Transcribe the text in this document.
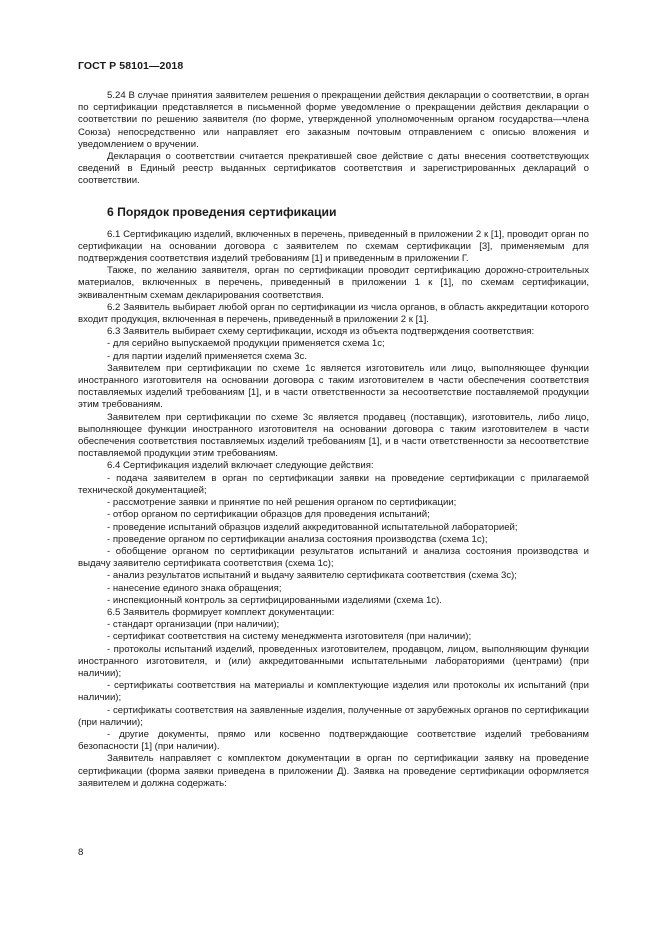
ГОСТ Р 58101—2018

5.24 В случае принятия заявителем решения о прекращении действия декларации о соответствии, в орган по сертификации представляется в письменной форме уведомление о прекращении действия декларации о соответствии по решению заявителя (по форме, утвержденной уполномоченным органом государства—члена Союза) непосредственно или направляет его заказным почтовым отправлением с описью вложения и уведомлением о вручении.

Декларация о соответствии считается прекратившей свое действие с даты внесения соответствующих сведений в Единый реестр выданных сертификатов соответствия и зарегистрированных деклараций о соответствии.

6 Порядок проведения сертификации

6.1 Сертификацию изделий, включенных в перечень, приведенный в приложении 2 к [1], проводит орган по сертификации на основании договора с заявителем по схемам сертификации [3], применяемым для подтверждения соответствия изделий требованиям [1] и приведенным в приложении Г.

Также, по желанию заявителя, орган по сертификации проводит сертификацию дорожно-строительных материалов, включенных в перечень, приведенный в приложении 1 к [1], по схемам сертификации, эквивалентным схемам декларирования соответствия.

6.2 Заявитель выбирает любой орган по сертификации из числа органов, в область аккредитации которого входит продукция, включенная в перечень, приведенный в приложении 2 к [1].

6.3 Заявитель выбирает схему сертификации, исходя из объекта подтверждения соответствия:

- для серийно выпускаемой продукции применяется схема 1с;

- для партии изделий применяется схема 3с.

Заявителем при сертификации по схеме 1с является изготовитель или лицо, выполняющее функции иностранного изготовителя на основании договора с таким изготовителем в части обеспечения соответствия поставляемых изделий требованиям [1], и в части ответственности за несоответствие поставляемой продукции этим требованиям.

Заявителем при сертификации по схеме 3с является продавец (поставщик), изготовитель, либо лицо, выполняющее функции иностранного изготовителя на основании договора с таким изготовителем в части обеспечения соответствия поставляемых изделий требованиям [1], и в части ответственности за несоответствие поставляемой продукции этим требованиям.

6.4 Сертификация изделий включает следующие действия:

- подача заявителем в орган по сертификации заявки на проведение сертификации с прилагаемой технической документацией;

- рассмотрение заявки и принятие по ней решения органом по сертификации;

- отбор органом по сертификации образцов для проведения испытаний;

- проведение испытаний образцов изделий аккредитованной испытательной лабораторией;

- проведение органом по сертификации анализа состояния производства (схема 1с);

- обобщение органом по сертификации результатов испытаний и анализа состояния производства и выдачу заявителю сертификата соответствия (схема 1с);

- анализ результатов испытаний и выдачу заявителю сертификата соответствия (схема 3с);

- нанесение единого знака обращения;

- инспекционный контроль за сертифицированными изделиями (схема 1с).

6.5 Заявитель формирует комплект документации:

- стандарт организации (при наличии);

- сертификат соответствия на систему менеджмента изготовителя (при наличии);

- протоколы испытаний изделий, проведенных изготовителем, продавцом, лицом, выполняющим функции иностранного изготовителя, и (или) аккредитованными испытательными лабораториями (центрами) (при наличии);

- сертификаты соответствия на материалы и комплектующие изделия или протоколы их испытаний (при наличии);

- сертификаты соответствия на заявленные изделия, полученные от зарубежных органов по сертификации (при наличии);

- другие документы, прямо или косвенно подтверждающие соответствие изделий требованиям безопасности [1] (при наличии).

Заявитель направляет с комплектом документации в орган по сертификации заявку на проведение сертификации (форма заявки приведена в приложении Д). Заявка на проведение сертификации оформляется заявителем и должна содержать:

8
